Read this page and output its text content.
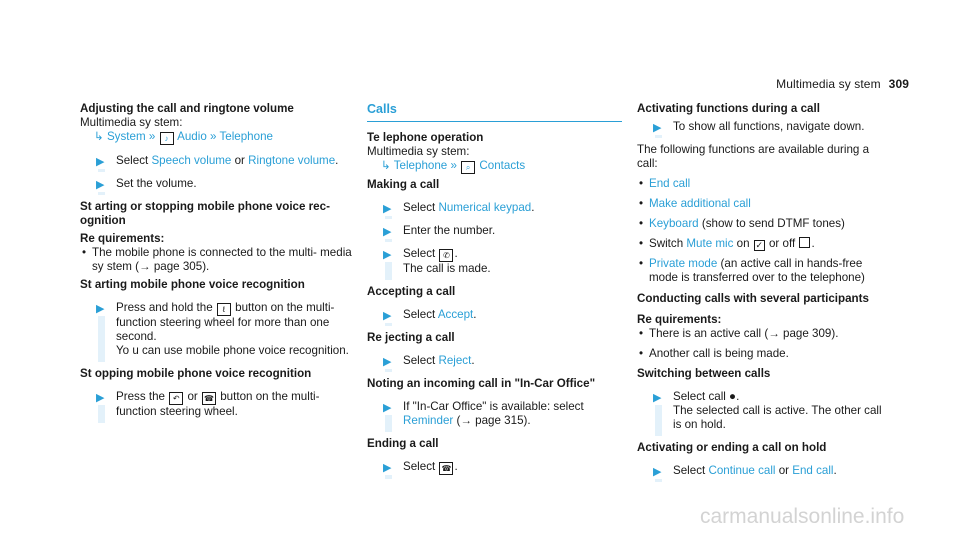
Multimedia sy stem 309
Adjusting the call and ringtone volume
Multimedia sy stem:
↳ System » ♪ Audio » Telephone
▶ Select Speech volume or Ringtone volume.
▶ Set the volume.
St arting or stopping mobile phone voice rec‐ ognition
Re quirements:
• The mobile phone is connected to the multi‐ media sy stem (→ page 305).
St arting mobile phone voice recognition
▶ Press and hold the ℓ button on the multi‐ function steering wheel for more than one second.
Yo u can use mobile phone voice recognition.
St opping mobile phone voice recognition
▶ Press the ↶ or ☎ button on the multi‐ function steering wheel.
Calls
Te lephone operation
Multimedia sy stem:
↳ Telephone » ⌕ Contacts
Making a call
▶ Select Numerical keypad.
▶ Enter the number.
▶ Select ✆ .
The call is made.
Accepting a call
▶ Select Accept.
Re jecting a call
▶ Select Reject.
Noting an incoming call in "In-Car Office"
▶ If "In-Car Office" is available: select
Reminder (→ page 315).
Ending a call
▶ Select ☎ .
Activating functions during a call
▶ To show all functions, navigate down.
The following functions are available during a call:
• End call
• Make additional call
• Keyboard (show to send DTMF tones)
• Switch Mute mic on ✓ or off .
• Private mode (an active call in hands-free mode is transferred over to the telephone)
Conducting calls with several participants
Re quirements:
• There is an active call (→ page 309).
• Another call is being made.
Switching between calls
▶ Select call ●.
The selected call is active. The other call is on hold.
Activating or ending a call on hold
▶ Select Continue call or End call.
carmanualsonline.info
